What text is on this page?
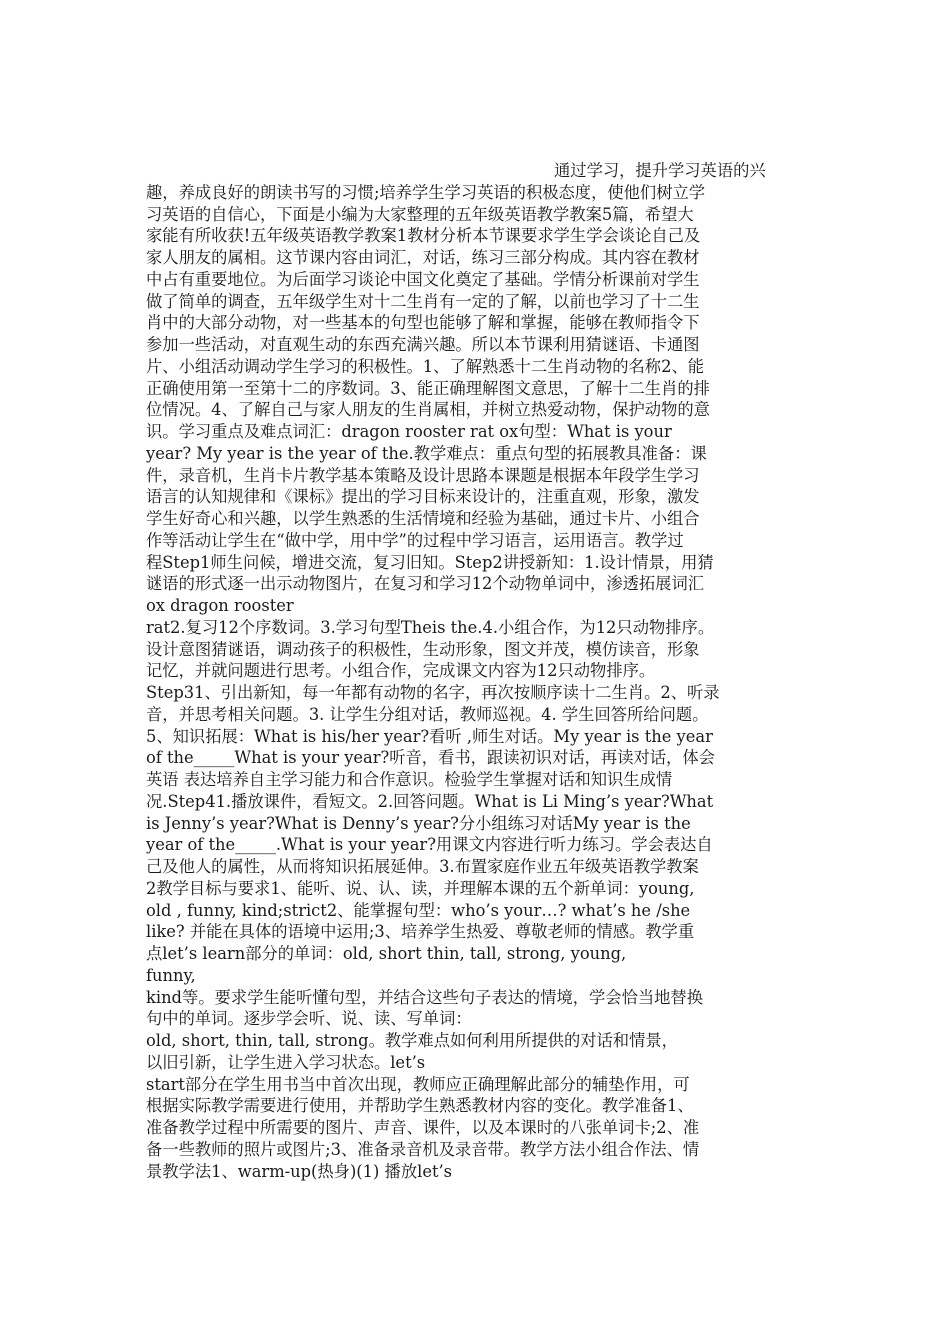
通过学习，提升学习英语的兴
趣，养成良好的朗读书写的习惯;培养学生学习英语的积极态度，使他们树立学
习英语的自信心，下面是小编为大家整理的五年级英语教学教案5篇，希望大
家能有所收获!五年级英语教学教案1教材分析本节课要求学生学会谈论自己及
家人朋友的属相。这节课内容由词汇，对话，练习三部分构成。其内容在教材
中占有重要地位。为后面学习谈论中国文化奠定了基础。学情分析课前对学生
做了简单的调查，五年级学生对十二生肖有一定的了解，以前也学习了十二生
肖中的大部分动物，对一些基本的句型也能够了解和掌握，能够在教师指令下
参加一些活动，对直观生动的东西充满兴趣。所以本节课利用猜谜语、卡通图
片、小组活动调动学生学习的积极性。1、了解熟悉十二生肖动物的名称2、能
正确使用第一至第十二的序数词。3、能正确理解图文意思，了解十二生肖的排
位情况。4、了解自己与家人朋友的生肖属相，并树立热爱动物，保护动物的意
识。学习重点及难点词汇：dragon rooster rat ox句型：What is your
year? My year is the year of the.教学难点：重点句型的拓展教具准备：课
件，录音机，生肖卡片教学基本策略及设计思路本课题是根据本年段学生学习
语言的认知规律和《课标》提出的学习目标来设计的，注重直观，形象，激发
学生好奇心和兴趣，以学生熟悉的生活情境和经验为基础，通过卡片、小组合
作等活动让学生在“做中学，用中学”的过程中学习语言，运用语言。教学过
程Step1师生问候，增进交流，复习旧知。Step2讲授新知：1.设计情景，用猜
谜语的形式逐一出示动物图片，在复习和学习12个动物单词中，渗透拓展词汇
ox dragon rooster
rat2.复习12个序数词。3.学习句型Theis the.4.小组合作，为12只动物排序。
设计意图猜谜语，调动孩子的积极性，生动形象，图文并茂，模仿读音，形象
记忆，并就问题进行思考。小组合作，完成课文内容为12只动物排序。
Step31、引出新知，每一年都有动物的名字，再次按顺序读十二生肖。2、听录
音，并思考相关问题。3. 让学生分组对话，教师巡视。4. 学生回答所给问题。
5、知识拓展：What is his/her year?看听 ,师生对话。My year is the year
of the_____What is your year?听音，看书，跟读初识对话，再读对话，体会
英语 表达培养自主学习能力和合作意识。检验学生掌握对话和知识生成情
况.Step41.播放课件，看短文。2.回答问题。What is Li Ming’s year?What
is Jenny’s year?What is Denny’s year?分小组练习对话My year is the
year of the_____.What is your year?用课文内容进行听力练习。学会表达自
己及他人的属性，从而将知识拓展延伸。3.布置家庭作业五年级英语教学教案
2教学目标与要求1、能听、说、认、读，并理解本课的五个新单词：young,
old , funny, kind;strict2、能掌握句型：who’s your…? what’s he /she
like? 并能在具体的语境中运用;3、培养学生热爱、尊敬老师的情感。教学重
点let’s learn部分的单词：old, short thin, tall, strong, young,
funny,
kind等。要求学生能听懂句型，并结合这些句子表达的情境，学会恰当地替换
句中的单词。逐步学会听、说、读、写单词：
old, short, thin, tall, strong。教学难点如何利用所提供的对话和情景，
以旧引新，让学生进入学习状态。let’s
start部分在学生用书当中首次出现，教师应正确理解此部分的辅垫作用，可
根据实际教学需要进行使用，并帮助学生熟悉教材内容的变化。教学准备1、
准备教学过程中所需要的图片、声音、课件，以及本课时的八张单词卡;2、准
备一些教师的照片或图片;3、准备录音机及录音带。教学方法小组合作法、情
景教学法1、warm-up(热身)(1) 播放let’s
